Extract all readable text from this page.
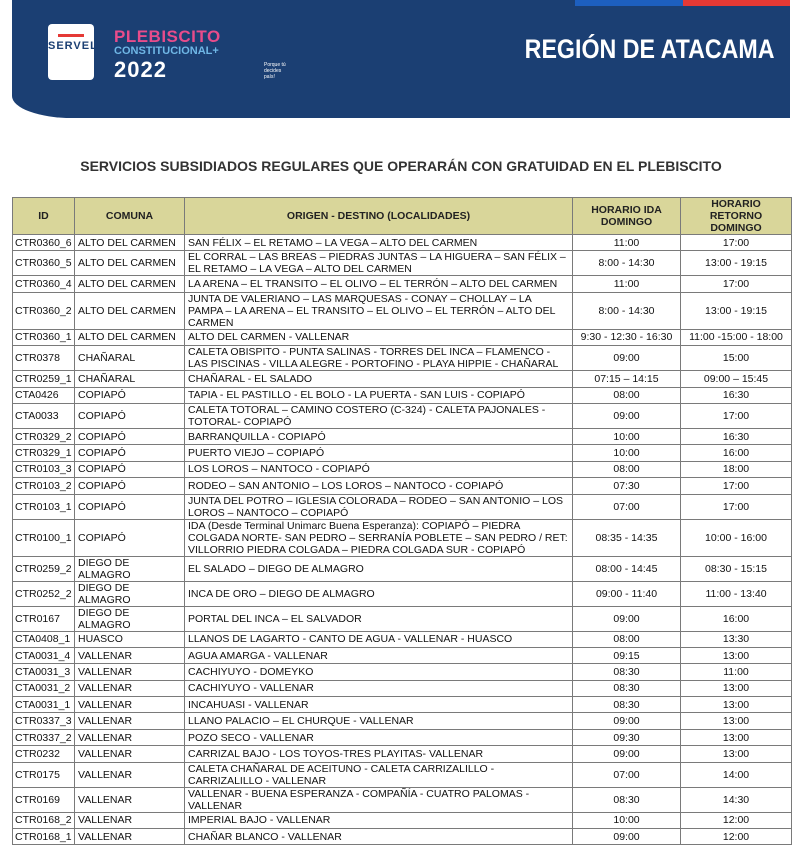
SERVEL PLEBISCITO
CONSTITUCIONAL+
2022	Porque tú decides país!
REGIÓN DE ATACAMA
SERVICIOS SUBSIDIADOS REGULARES QUE OPERARÁN CON GRATUIDAD EN EL PLEBISCITO
ID	COMUNA	ORIGEN - DESTINO (LOCALIDADES)	HORARIO IDA DOMINGO	HORARIO RETORNO DOMINGO
CTR0360_6	ALTO DEL CARMEN	SAN FÉLIX – EL RETAMO – LA VEGA – ALTO DEL CARMEN	11:00	17:00
CTR0360_5	ALTO DEL CARMEN	EL CORRAL – LAS BREAS – PIEDRAS JUNTAS – LA HIGUERA – SAN FÉLIX – EL RETAMO – LA VEGA – ALTO DEL CARMEN	8:00 - 14:30	13:00 - 19:15
CTR0360_4	ALTO DEL CARMEN	LA ARENA – EL TRANSITO – EL OLIVO – EL TERRÓN – ALTO DEL CARMEN	11:00	17:00
CTR0360_2	ALTO DEL CARMEN	JUNTA DE VALERIANO – LAS MARQUESAS - CONAY – CHOLLAY – LA PAMPA – LA ARENA – EL TRANSITO – EL OLIVO – EL TERRÓN – ALTO DEL CARMEN	8:00 - 14:30	13:00 - 19:15
CTR0360_1	ALTO DEL CARMEN	ALTO DEL CARMEN - VALLENAR	9:30 - 12:30 - 16:30	11:00 -15:00 - 18:00
CTR0378	CHAÑARAL	CALETA OBISPITO - PUNTA SALINAS - TORRES DEL INCA – FLAMENCO - LAS PISCINAS - VILLA ALEGRE - PORTOFINO - PLAYA HIPPIE - CHAÑARAL	09:00	15:00
CTR0259_1	CHAÑARAL	CHAÑARAL - EL SALADO	07:15 – 14:15	09:00 – 15:45
CTA0426	COPIAPÓ	TAPIA - EL PASTILLO - EL BOLO - LA PUERTA - SAN LUIS - COPIAPÓ	08:00	16:30
CTA0033	COPIAPÓ	CALETA TOTORAL – CAMINO COSTERO (C-324) - CALETA PAJONALES - TOTORAL- COPIAPÓ	09:00	17:00
CTR0329_2	COPIAPÓ	BARRANQUILLA - COPIAPÓ	10:00	16:30
CTR0329_1	COPIAPÓ	PUERTO VIEJO – COPIAPÓ	10:00	16:00
CTR0103_3	COPIAPÓ	LOS LOROS – NANTOCO - COPIAPÓ	08:00	18:00
CTR0103_2	COPIAPÓ	RODEO – SAN ANTONIO – LOS LOROS – NANTOCO - COPIAPÓ	07:30	17:00
CTR0103_1	COPIAPÓ	JUNTA DEL POTRO – IGLESIA COLORADA – RODEO – SAN ANTONIO – LOS LOROS – NANTOCO – COPIAPÓ	07:00	17:00
CTR0100_1	COPIAPÓ	IDA (Desde Terminal Unimarc Buena Esperanza): COPIAPÓ – PIEDRA COLGADA NORTE- SAN PEDRO – SERRANÍA POBLETE – SAN PEDRO / RET: VILLORRIO PIEDRA COLGADA – PIEDRA COLGADA SUR - COPIAPÓ	08:35 - 14:35	10:00 - 16:00
CTR0259_2	DIEGO DE ALMAGRO	EL SALADO – DIEGO DE ALMAGRO	08:00 - 14:45	08:30 - 15:15
CTR0252_2	DIEGO DE ALMAGRO	INCA DE ORO – DIEGO DE ALMAGRO	09:00 - 11:40	11:00 - 13:40
CTR0167	DIEGO DE ALMAGRO	PORTAL DEL INCA – EL SALVADOR	09:00	16:00
CTA0408_1	HUASCO	LLANOS DE LAGARTO - CANTO DE AGUA - VALLENAR - HUASCO	08:00	13:30
CTA0031_4	VALLENAR	AGUA AMARGA - VALLENAR	09:15	13:00
CTA0031_3	VALLENAR	CACHIYUYO - DOMEYKO	08:30	11:00
CTA0031_2	VALLENAR	CACHIYUYO - VALLENAR	08:30	13:00
CTA0031_1	VALLENAR	INCAHUASI - VALLENAR	08:30	13:00
CTR0337_3	VALLENAR	LLANO PALACIO – EL CHURQUE - VALLENAR	09:00	13:00
CTR0337_2	VALLENAR	POZO SECO - VALLENAR	09:30	13:00
CTR0232	VALLENAR	CARRIZAL BAJO - LOS TOYOS-TRES PLAYITAS- VALLENAR	09:00	13:00
CTR0175	VALLENAR	CALETA CHAÑARAL DE ACEITUNO - CALETA CARRIZALILLO - CARRIZALILLO - VALLENAR	07:00	14:00
CTR0169	VALLENAR	VALLENAR - BUENA ESPERANZA - COMPAÑÍA - CUATRO PALOMAS - VALLENAR	08:30	14:30
CTR0168_2	VALLENAR	IMPERIAL BAJO - VALLENAR	10:00	12:00
CTR0168_1	VALLENAR	CHAÑAR BLANCO - VALLENAR	09:00	12:00
